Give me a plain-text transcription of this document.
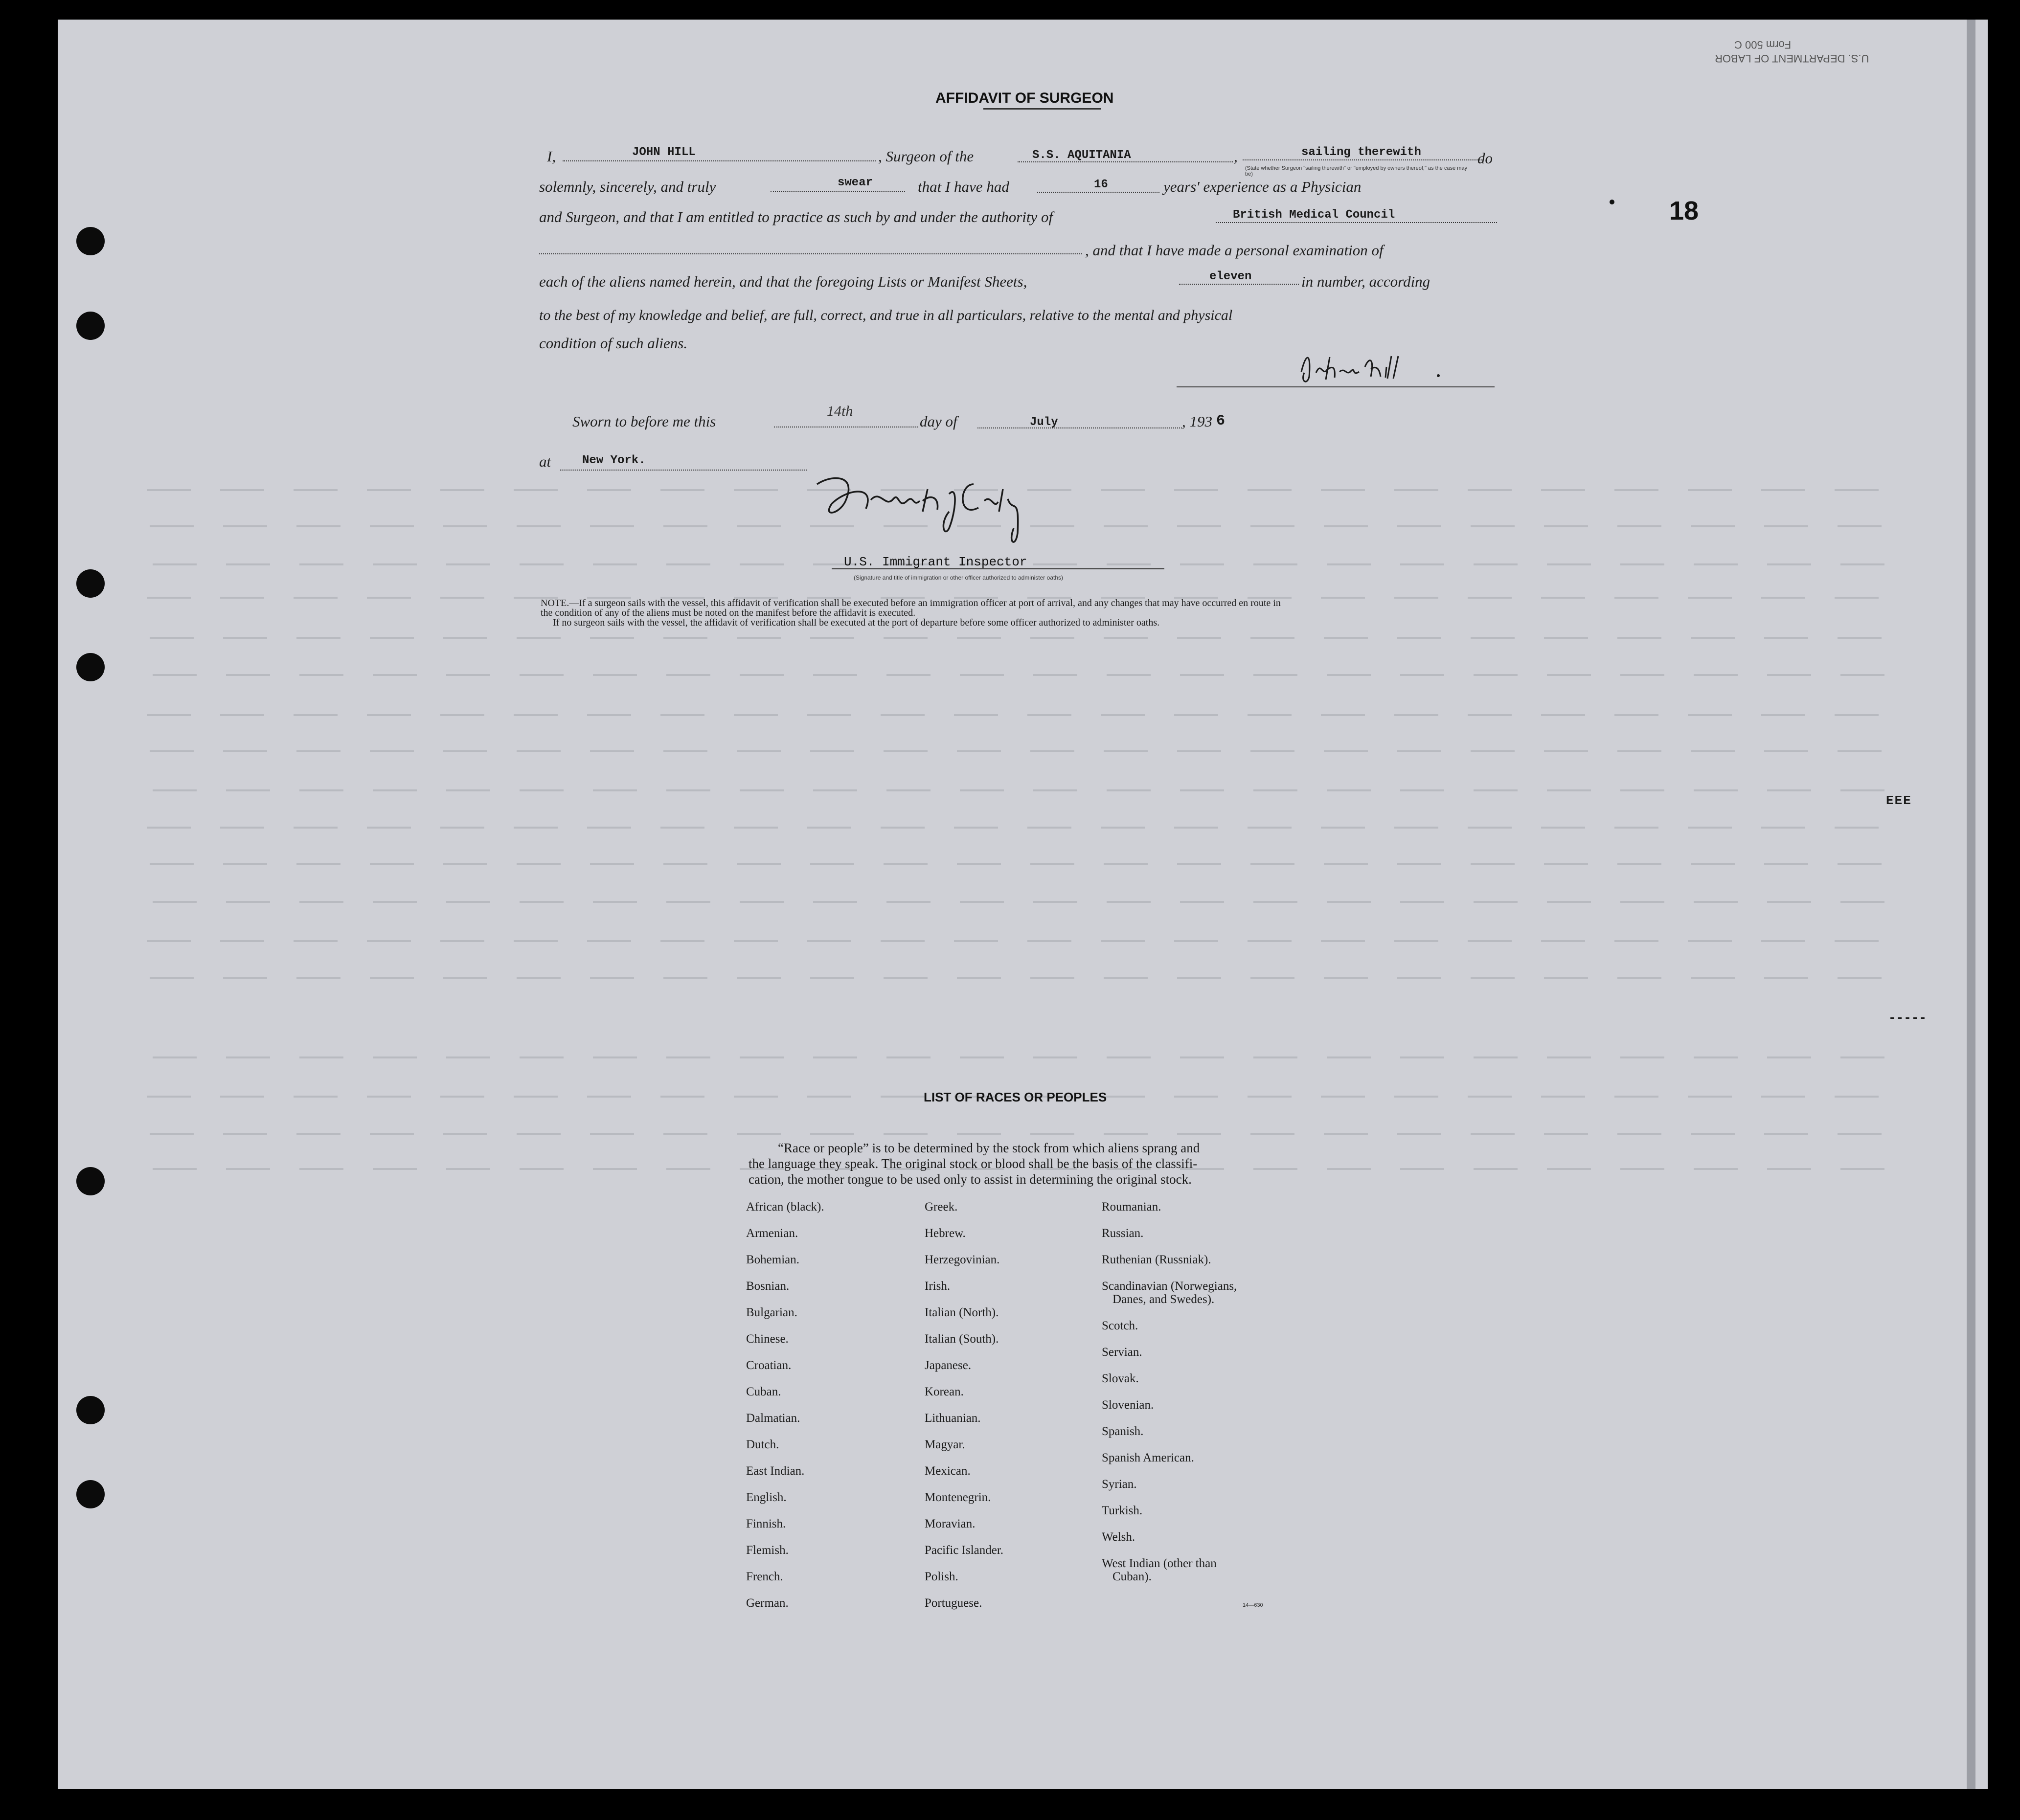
Form 500 C
U.S. DEPARTMENT OF LABOR
18
EEE
-----
AFFIDAVIT OF SURGEON
I,	JOHN HILL	, Surgeon of the	S.S. AQUITANIA	,	sailing therewith
(State whether Surgeon "sailing therewith" or "employed by owners thereof," as the case may be)
do
solemnly, sincerely, and truly	swear	that I have had	16	years' experience as a Physician
and Surgeon, and that I am entitled to practice as such by and under the authority of	British Medical Council
, and that I have made a personal examination of
each of the aliens named herein, and that the foregoing Lists or Manifest Sheets,	eleven	in number, according
to the best of my knowledge and belief, are full, correct, and true in all particulars, relative to the mental and physical
condition of such aliens.
Sworn to before me this
14th
day of	July	, 193 6
at	New York.
U.S. Immigrant Inspector
(Signature and title of immigration or other officer authorized to administer oaths)
NOTE.—If a surgeon sails with the vessel, this affidavit of verification shall be executed before an immigration officer at port of arrival, and any changes that may have occurred en route in
the condition of any of the aliens must be noted on the manifest before the affidavit is executed.
If no surgeon sails with the vessel, the affidavit of verification shall be executed at the port of departure before some officer authorized to administer oaths.
LIST OF RACES OR PEOPLES
“Race or people” is to be determined by the stock from which aliens sprang and
the language they speak. The original stock or blood shall be the basis of the classifi-
cation, the mother tongue to be used only to assist in determining the original stock.
African (black).
Armenian.
Bohemian.
Bosnian.
Bulgarian.
Chinese.
Croatian.
Cuban.
Dalmatian.
Dutch.
East Indian.
English.
Finnish.
Flemish.
French.
German.
Greek.
Hebrew.
Herzegovinian.
Irish.
Italian (North).
Italian (South).
Japanese.
Korean.
Lithuanian.
Magyar.
Mexican.
Montenegrin.
Moravian.
Pacific Islander.
Polish.
Portuguese.
Roumanian.
Russian.
Ruthenian (Russniak).
Scandinavian (Norwegians,
Danes, and Swedes).
Scotch.
Servian.
Slovak.
Slovenian.
Spanish.
Spanish American.
Syrian.
Turkish.
Welsh.
West Indian (other than
Cuban).
14—630
